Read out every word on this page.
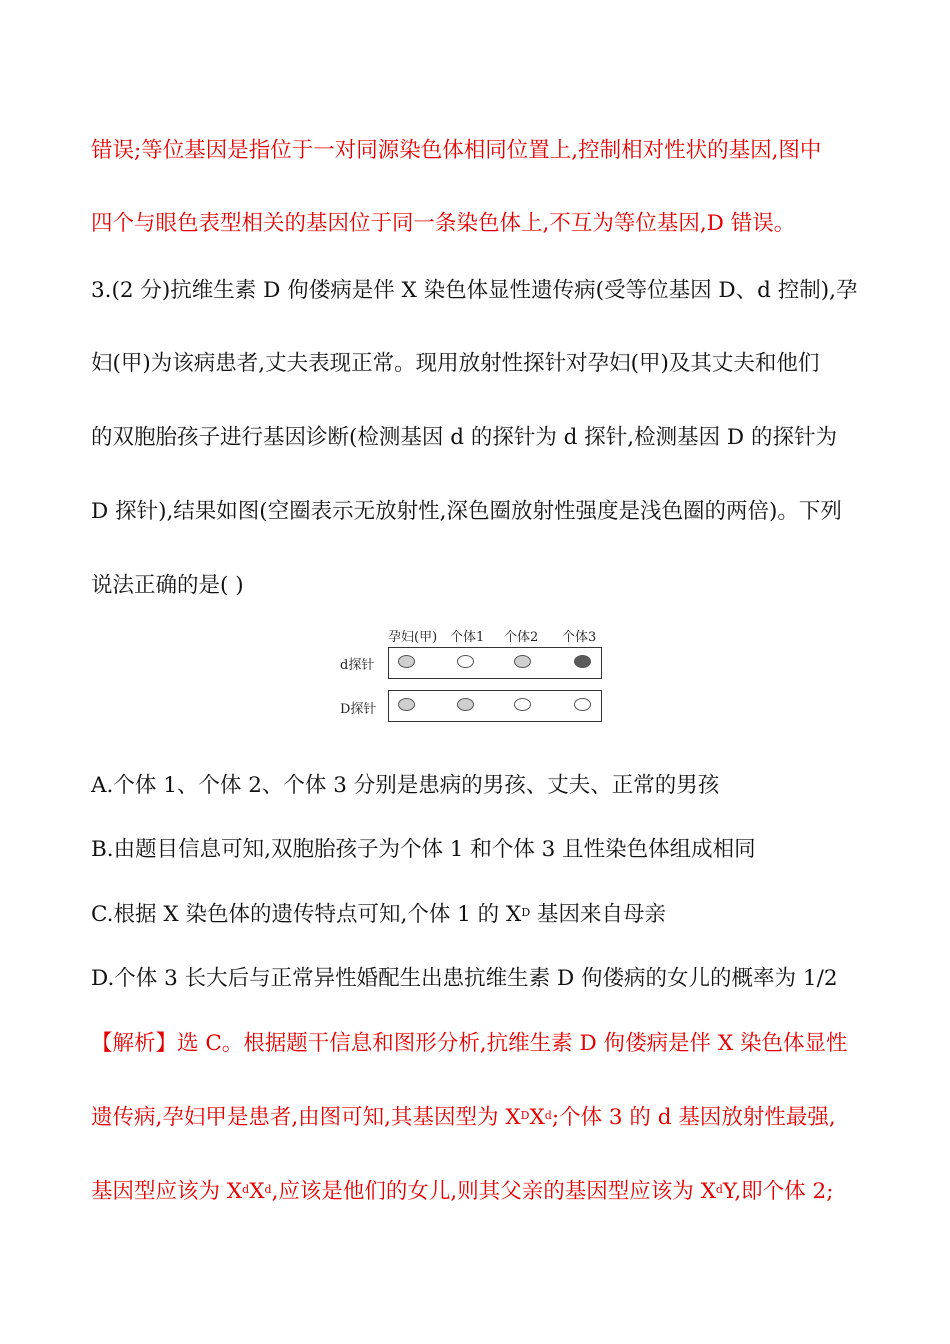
错误;等位基因是指位于一对同源染色体相同位置上,控制相对性状的基因,图中
四个与眼色表型相关的基因位于同一条染色体上,不互为等位基因,D 错误。
3.(2 分)抗维生素 D 佝偻病是伴 X 染色体显性遗传病(受等位基因 D、d 控制),孕
妇(甲)为该病患者,丈夫表现正常。现用放射性探针对孕妇(甲)及其丈夫和他们
的双胞胎孩子进行基因诊断(检测基因 d 的探针为 d 探针,检测基因 D 的探针为
D 探针),结果如图(空圈表示无放射性,深色圈放射性强度是浅色圈的两倍)。下列
说法正确的是( )
孕妇(甲) 个体1 个体2 个体3
d探针
D探针
A.个体 1、个体 2、个体 3 分别是患病的男孩、丈夫、正常的男孩
B.由题目信息可知,双胞胎孩子为个体 1 和个体 3 且性染色体组成相同
C.根据 X 染色体的遗传特点可知,个体 1 的 $X^D$ 基因来自母亲
D.个体 3 长大后与正常异性婚配生出患抗维生素 D 佝偻病的女儿的概率为 1/2
【解析】选 C。根据题干信息和图形分析,抗维生素 D 佝偻病是伴 X 染色体显性
遗传病,孕妇甲是患者,由图可知,其基因型为 $X^DX^d$;个体 3 的 d 基因放射性最强,
基因型应该为 $X^dX^d$,应该是他们的女儿,则其父亲的基因型应该为 $X^dY$,即个体 2;
